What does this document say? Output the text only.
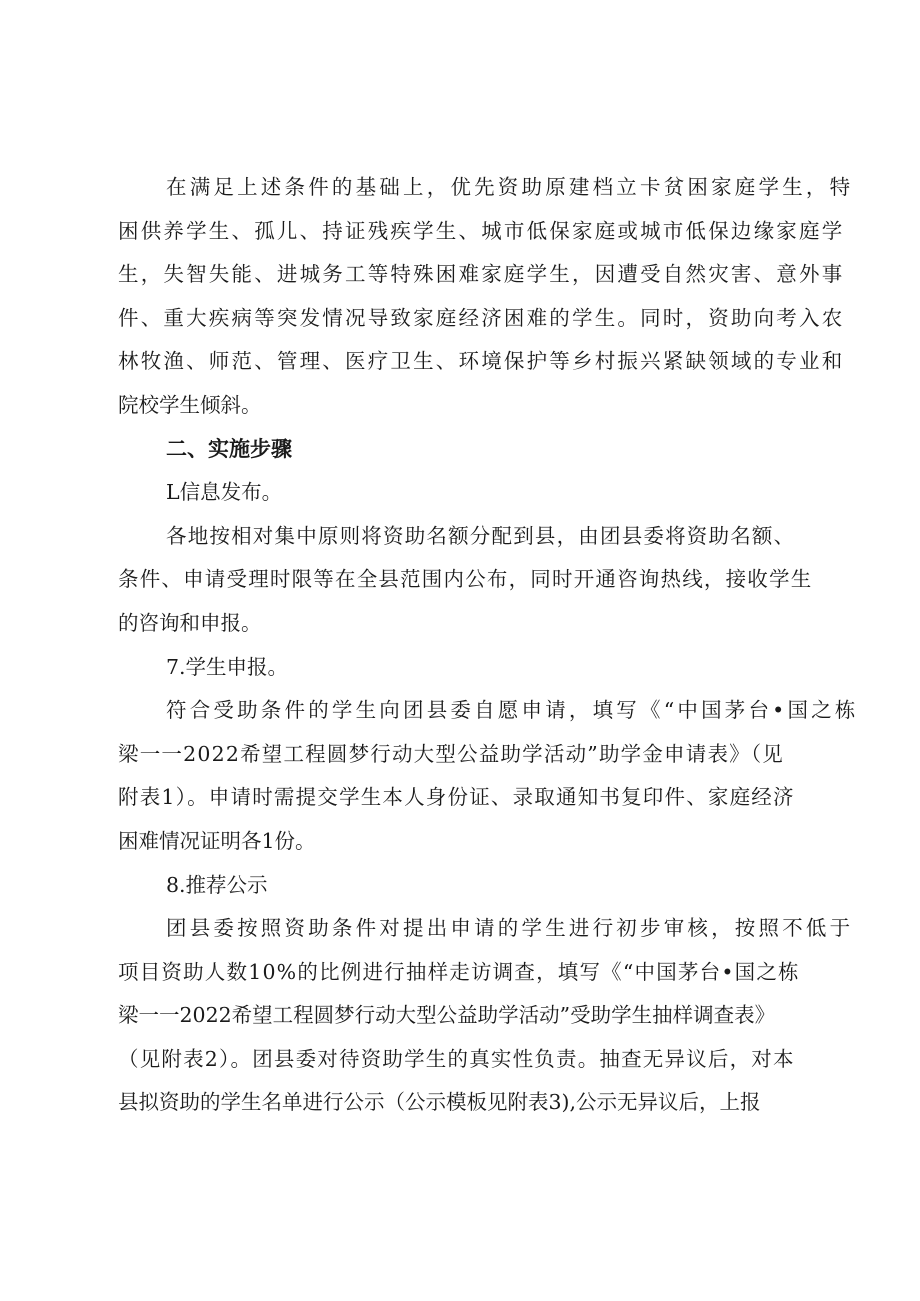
在满足上述条件的基础上，优先资助原建档立卡贫困家庭学生，特
困供养学生、孤儿、持证残疾学生、城市低保家庭或城市低保边缘家庭学
生，失智失能、进城务工等特殊困难家庭学生，因遭受自然灾害、意外事
件、重大疾病等突发情况导致家庭经济困难的学生。同时，资助向考入农
林牧渔、师范、管理、医疗卫生、环境保护等乡村振兴紧缺领域的专业和
院校学生倾斜。
二、实施步骤
L信息发布。
各地按相对集中原则将资助名额分配到县，由团县委将资助名额、
条件、申请受理时限等在全县范围内公布，同时开通咨询热线，接收学生
的咨询和申报。
7.学生申报。
符合受助条件的学生向团县委自愿申请，填写《“中国茅台•国之栋
梁一一2022希望工程圆梦行动大型公益助学活动”助学金申请表》（见
附表1）。申请时需提交学生本人身份证、录取通知书复印件、家庭经济
困难情况证明各1份。
8.推荐公示
团县委按照资助条件对提出申请的学生进行初步审核，按照不低于
项目资助人数10%的比例进行抽样走访调查，填写《“中国茅台•国之栋
梁一一2022希望工程圆梦行动大型公益助学活动”受助学生抽样调查表》
（见附表2）。团县委对待资助学生的真实性负责。抽查无异议后，对本
县拟资助的学生名单进行公示（公示模板见附表3),公示无异议后，上报
